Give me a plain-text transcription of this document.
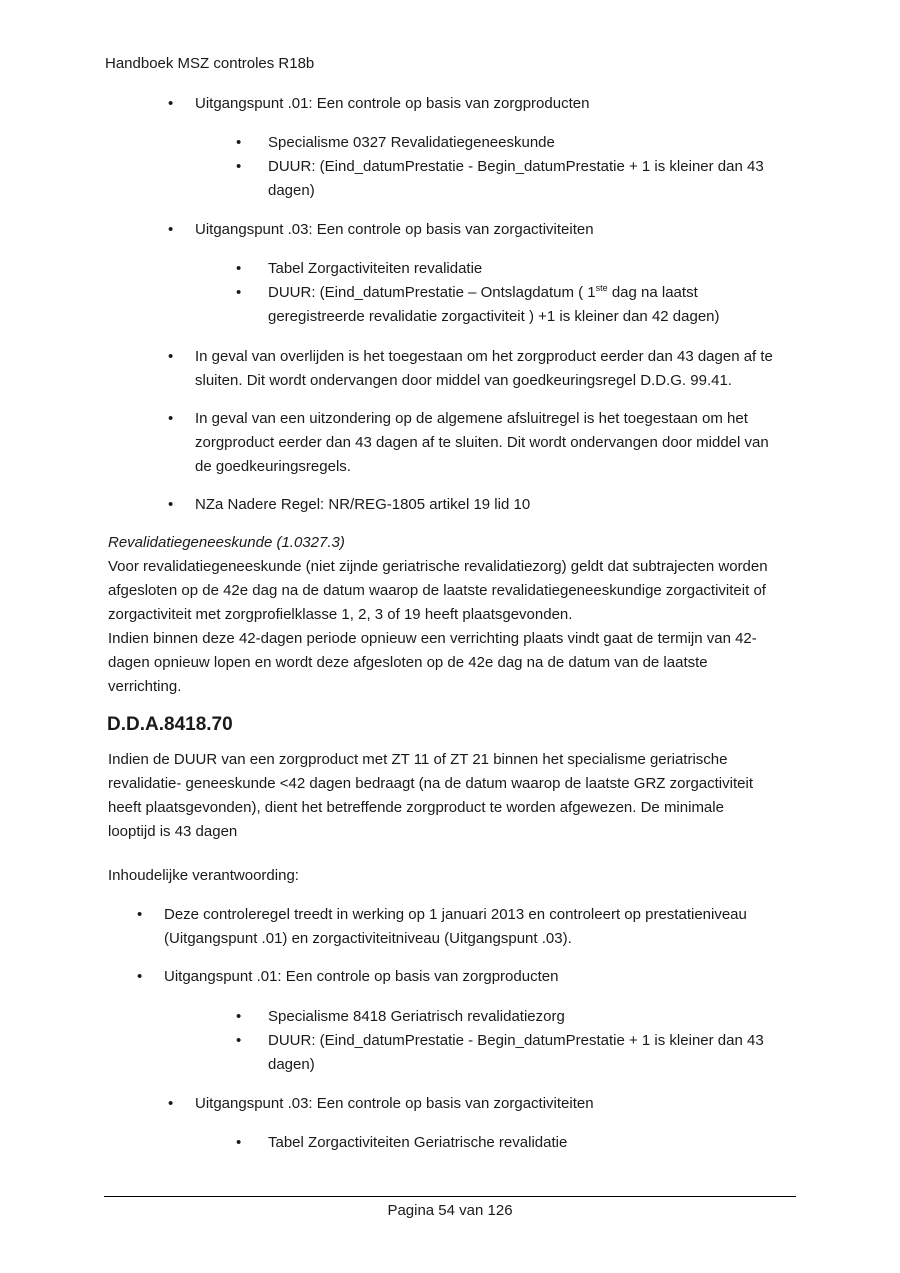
Handboek MSZ controles R18b
• Uitgangspunt .01: Een controle op basis van zorgproducten
• Specialisme 0327 Revalidatiegeneeskunde
• DUUR: (Eind_datumPrestatie - Begin_datumPrestatie + 1 is kleiner dan 43
dagen)
• Uitgangspunt .03: Een controle op basis van zorgactiviteiten
• Tabel Zorgactiviteiten revalidatie
• DUUR: (Eind_datumPrestatie – Ontslagdatum ( 1ste dag na laatst
geregistreerde revalidatie zorgactiviteit ) +1 is kleiner dan 42 dagen)
• In geval van overlijden is het toegestaan om het zorgproduct eerder dan 43 dagen af te
sluiten. Dit wordt ondervangen door middel van goedkeuringsregel D.D.G. 99.41.
• In geval van een uitzondering op de algemene afsluitregel is het toegestaan om het
zorgproduct eerder dan 43 dagen af te sluiten. Dit wordt ondervangen door middel van
de goedkeuringsregels.
• NZa Nadere Regel: NR/REG-1805 artikel 19 lid 10
Revalidatiegeneeskunde (1.0327.3)
Voor revalidatiegeneeskunde (niet zijnde geriatrische revalidatiezorg) geldt dat subtrajecten worden
afgesloten op de 42e dag na de datum waarop de laatste revalidatiegeneeskundige zorgactiviteit of
zorgactiviteit met zorgprofielklasse 1, 2, 3 of 19 heeft plaatsgevonden.
Indien binnen deze 42-dagen periode opnieuw een verrichting plaats vindt gaat de termijn van 42-
dagen opnieuw lopen en wordt deze afgesloten op de 42e dag na de datum van de laatste
verrichting.
D.D.A.8418.70
Indien de DUUR van een zorgproduct met ZT 11 of ZT 21 binnen het specialisme geriatrische
revalidatie- geneeskunde <42 dagen bedraagt (na de datum waarop de laatste GRZ zorgactiviteit
heeft plaatsgevonden), dient het betreffende zorgproduct te worden afgewezen. De minimale
looptijd is 43 dagen
Inhoudelijke verantwoording:
• Deze controleregel treedt in werking op 1 januari 2013 en controleert op prestatieniveau
(Uitgangspunt .01) en zorgactiviteitniveau (Uitgangspunt .03).
• Uitgangspunt .01: Een controle op basis van zorgproducten
• Specialisme 8418 Geriatrisch revalidatiezorg
• DUUR: (Eind_datumPrestatie - Begin_datumPrestatie + 1 is kleiner dan 43
dagen)
• Uitgangspunt .03: Een controle op basis van zorgactiviteiten
• Tabel Zorgactiviteiten Geriatrische revalidatie
Pagina 54 van 126
